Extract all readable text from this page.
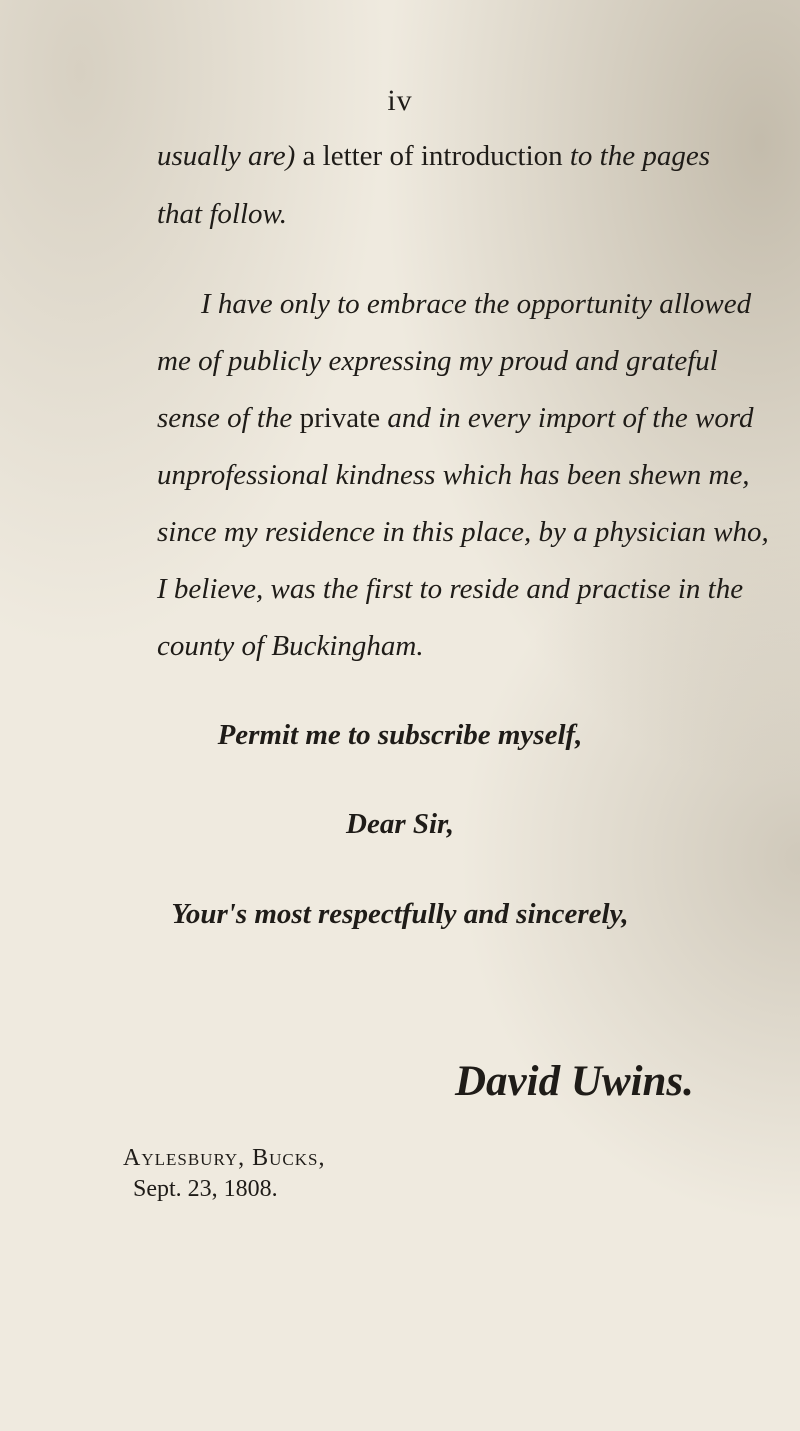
iv
usually are) a letter of introduction to the pages
that follow.
I have only to embrace the opportunity allowed
me of publicly expressing my proud and grateful
sense of the private and in every import of the word
unprofessional kindness which has been shewn me,
since my residence in this place, by a physician who,
I believe, was the first to reside and practise in the
county of Buckingham.
Permit me to subscribe myself,
Dear Sir,
Your's most respectfully and sincerely,
David Uwins.
Aylesbury, Bucks,
Sept. 23, 1808.
